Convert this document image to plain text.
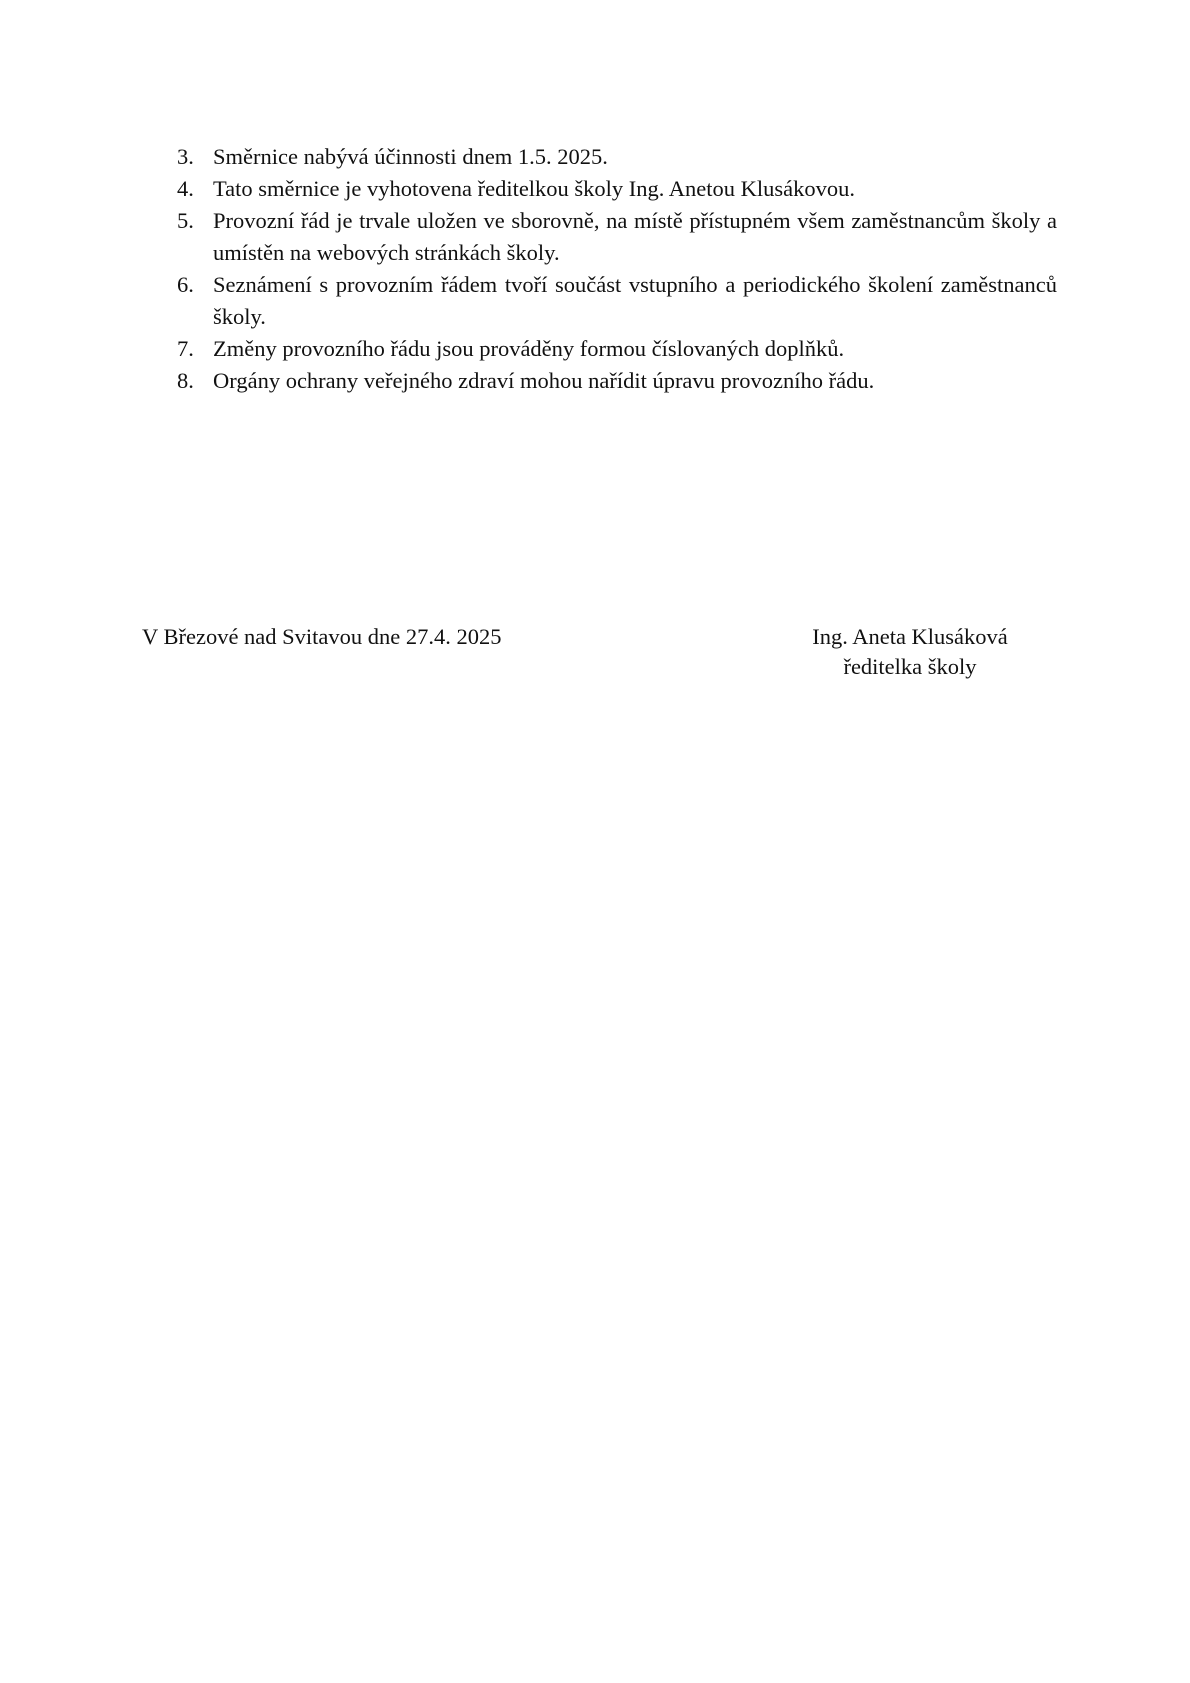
3. Směrnice nabývá účinnosti dnem 1.5. 2025.
4. Tato směrnice je vyhotovena ředitelkou školy Ing. Anetou Klusákovou.
5. Provozní řád je trvale uložen ve sborovně, na místě přístupném všem zaměstnancům školy a umístěn na webových stránkách školy.
6. Seznámení s provozním řádem tvoří součást vstupního a periodického školení zaměstnanců školy.
7. Změny provozního řádu jsou prováděny formou číslovaných doplňků.
8. Orgány ochrany veřejného zdraví mohou nařídit úpravu provozního řádu.
V Březové nad Svitavou dne 27.4. 2025	Ing. Aneta Klusáková
ředitelka školy
